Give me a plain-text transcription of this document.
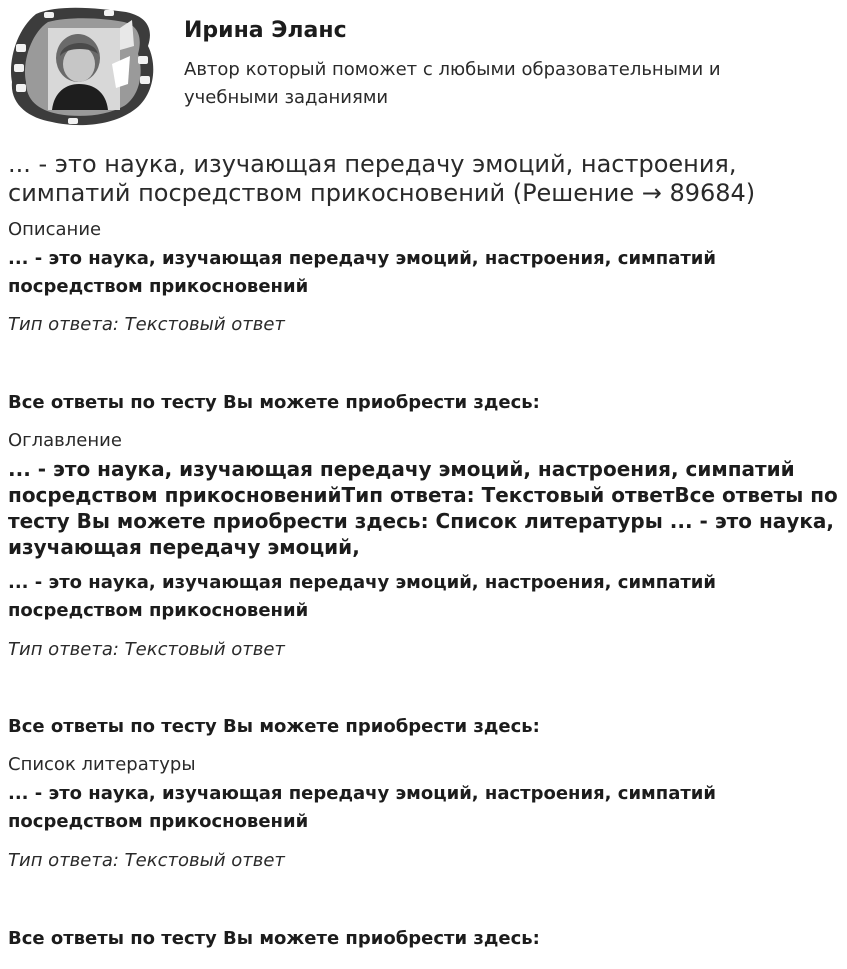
Ирина Эланс
Автор который поможет с любыми образовательными и учебными заданиями
... - это наука, изучающая передачу эмоций, настроения, симпатий посредством прикосновений (Решение → 89684)
Описание
... - это наука, изучающая передачу эмоций, настроения, симпатий посредством прикосновений
Тип ответа: Текстовый ответ
Все ответы по тесту Вы можете приобрести здесь:
Оглавление
... - это наука, изучающая передачу эмоций, настроения, симпатий посредством прикосновенийТип ответа: Текстовый ответВсе ответы по тесту Вы можете приобрести здесь: Список литературы ... - это наука, изучающая передачу эмоций,
... - это наука, изучающая передачу эмоций, настроения, симпатий посредством прикосновений
Тип ответа: Текстовый ответ
Все ответы по тесту Вы можете приобрести здесь:
Список литературы
... - это наука, изучающая передачу эмоций, настроения, симпатий посредством прикосновений
Тип ответа: Текстовый ответ
Все ответы по тесту Вы можете приобрести здесь:
